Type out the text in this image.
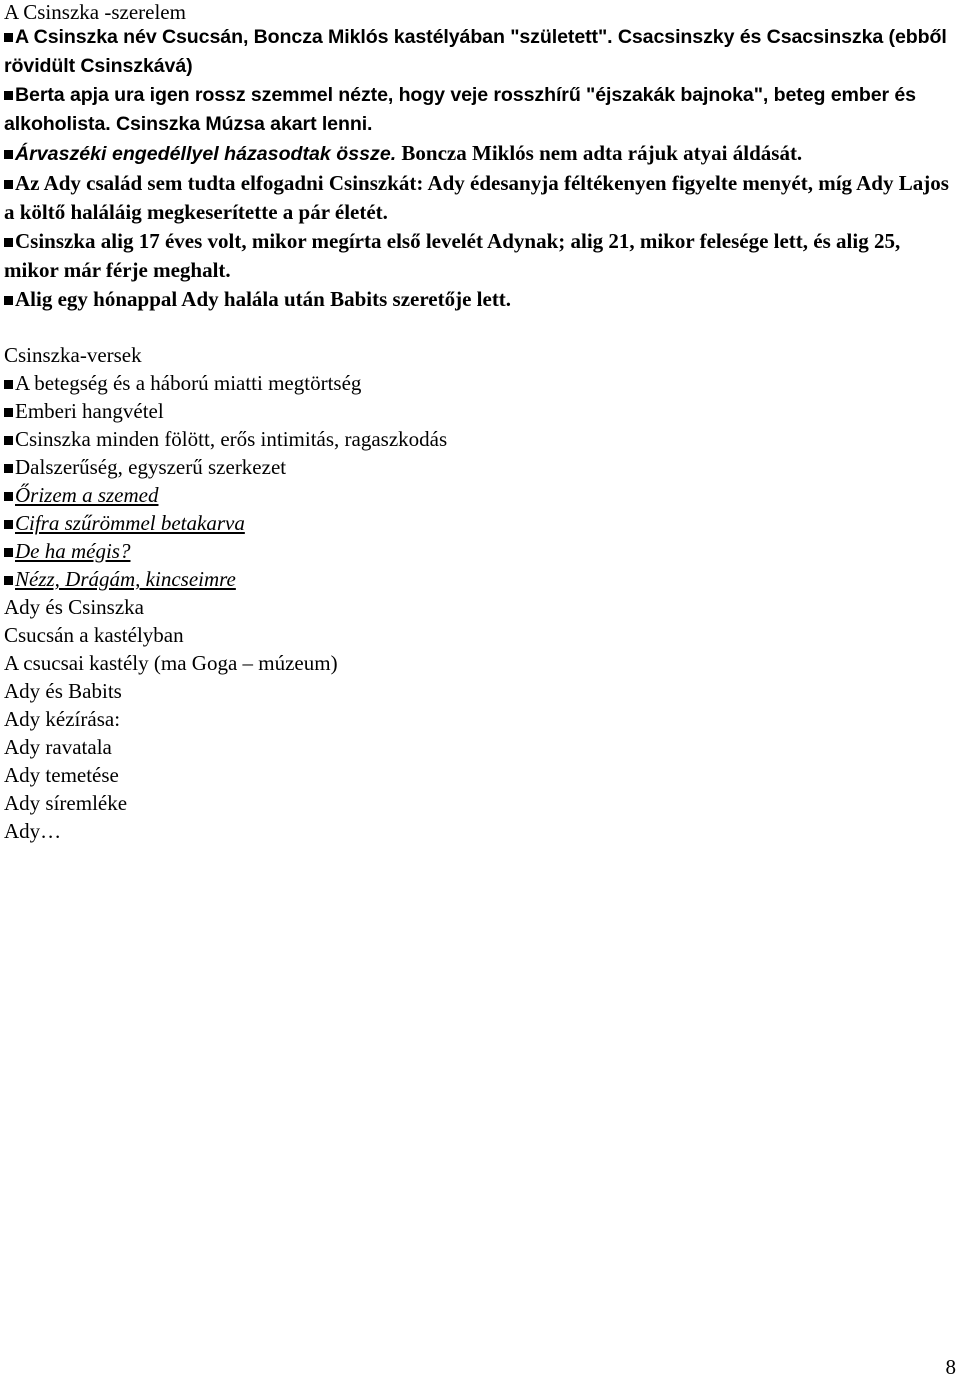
A Csinszka -szerelem
A Csinszka név Csucsán, Boncza Miklós kastélyában "született". Csacsinszky és Csacsinszka (ebből rövidült Csinszkává)
Berta apja ura igen rossz szemmel nézte, hogy veje rosszhírű "éjszakák bajnoka", beteg ember és alkoholista. Csinszka Múzsa akart lenni.
Árvaszéki engedéllyel házasodtak össze. Boncza Miklós nem adta rájuk atyai áldását.
Az Ady család sem tudta elfogadni Csinszkát: Ady édesanyja féltékenyen figyelte menyét, míg Ady Lajos a költő haláláig megkeserítette a pár életét.
Csinszka alig 17 éves volt, mikor megírta első levelét Adynak; alig 21, mikor felesége lett, és alig 25, mikor már férje meghalt.
Alig egy hónappal Ady halála után Babits szeretője lett.
Csinszka-versek
A betegség és a háború miatti megtörtség
Emberi hangvétel
Csinszka minden fölött, erős intimitás, ragaszkodás
Dalszerűség, egyszerű szerkezet
Őrizem a szemed
Cifra szűrömmel betakarva
De ha mégis?
Nézz, Drágám, kincseimre
Ady és Csinszka
Csucsán a kastélyban
A csucsai kastély (ma Goga – múzeum)
Ady és Babits
Ady kézírása:
Ady ravatala
Ady temetése
Ady síremléke
Ady…
8
